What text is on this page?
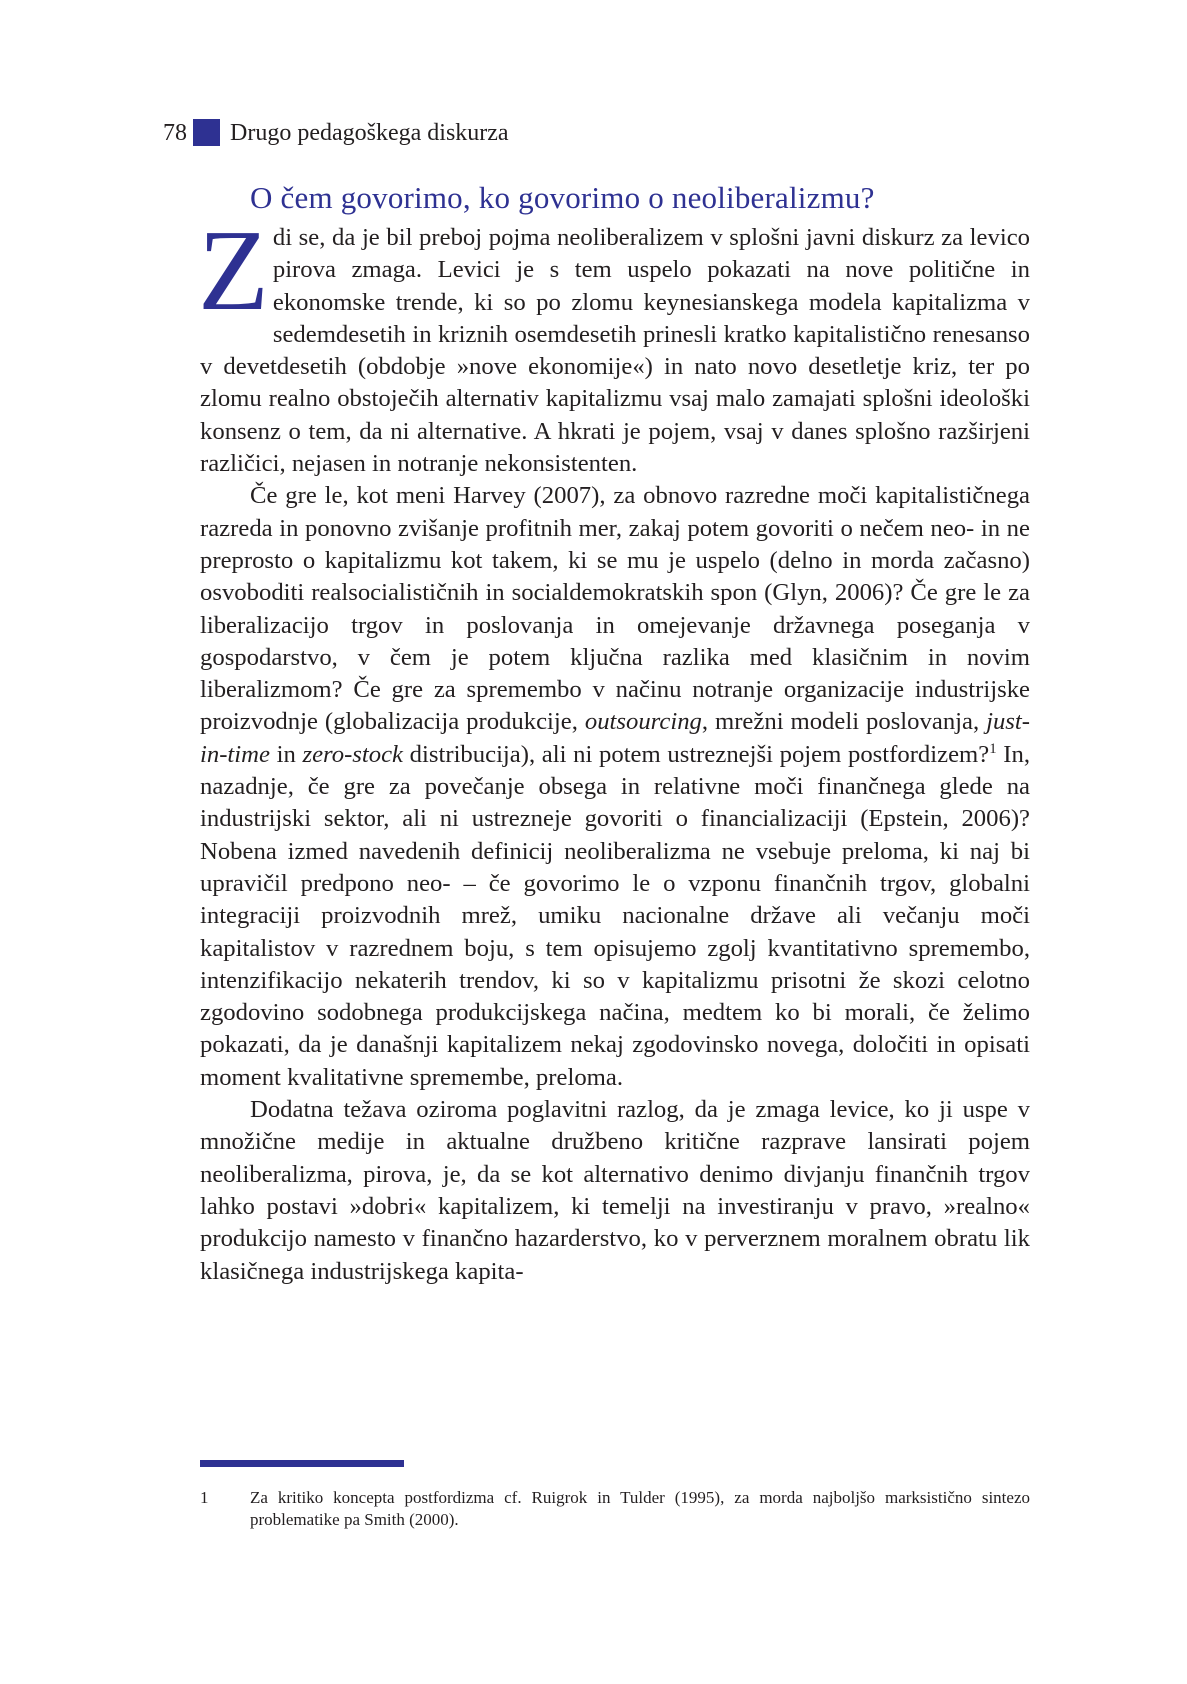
78 Drugo pedagoškega diskurza
O čem govorimo, ko govorimo o neoliberalizmu?

Zdi se, da je bil preboj pojma neoliberalizem v splošni javni diskurz za levico pirova zmaga. Levici je s tem uspelo pokazati na nove politične in ekonomske trende, ki so po zlomu keynesianskega modela kapitalizma v sedemdesetih in kriznih osemdesetih prinesli kratko kapitalistično renesanso v devetdesetih (obdobje »nove ekonomije«) in nato novo desetletje kriz, ter po zlomu realno obstoječih alternativ kapitalizmu vsaj malo zamajati splošni ideološki konsenz o tem, da ni alternative. A hkrati je pojem, vsaj v danes splošno razširjeni različici, nejasen in notranje nekonsistenten.

Če gre le, kot meni Harvey (2007), za obnovo razredne moči kapitalističnega razreda in ponovno zvišanje profitnih mer, zakaj potem govoriti o nečem neo- in ne preprosto o kapitalizmu kot takem, ki se mu je uspelo (delno in morda začasno) osvoboditi realsocialističnih in socialdemokratskih spon (Glyn, 2006)? Če gre le za liberalizacijo trgov in poslovanja in omejevanje državnega poseganja v gospodarstvo, v čem je potem ključna razlika med klasičnim in novim liberalizmom? Če gre za spremembo v načinu notranje organizacije industrijske proizvodnje (globalizacija produkcije, outsourcing, mrežni modeli poslovanja, just-in-time in zero-stock distribucija), ali ni potem ustreznejši pojem postfordizem?$^1$ In, nazadnje, če gre za povečanje obsega in relativne moči finančnega glede na industrijski sektor, ali ni ustrezneje govoriti o financializaciji (Epstein, 2006)? Nobena izmed navedenih definicij neoliberalizma ne vsebuje preloma, ki naj bi upravičil predpono neo- – če govorimo le o vzponu finančnih trgov, globalni integraciji proizvodnih mrež, umiku nacionalne države ali večanju moči kapitalistov v razrednem boju, s tem opisujemo zgolj kvantitativno spremembo, intenzifikacijo nekaterih trendov, ki so v kapitalizmu prisotni že skozi celotno zgodovino sodobnega produkcijskega načina, medtem ko bi morali, če želimo pokazati, da je današnji kapitalizem nekaj zgodovinsko novega, določiti in opisati moment kvalitativne spremembe, preloma.

Dodatna težava oziroma poglavitni razlog, da je zmaga levice, ko ji uspe v množične medije in aktualne družbeno kritične razprave lansirati pojem neoliberalizma, pirova, je, da se kot alternativo denimo divjanju finančnih trgov lahko postavi »dobri« kapitalizem, ki temelji na investiranju v pravo, »realno« produkcijo namesto v finančno hazarderstvo, ko v perverznem moralnem obratu lik klasičnega industrijskega kapita-

1 Za kritiko koncepta postfordizma cf. Ruigrok in Tulder (1995), za morda najboljšo marksistično sintezo problematike pa Smith (2000).
